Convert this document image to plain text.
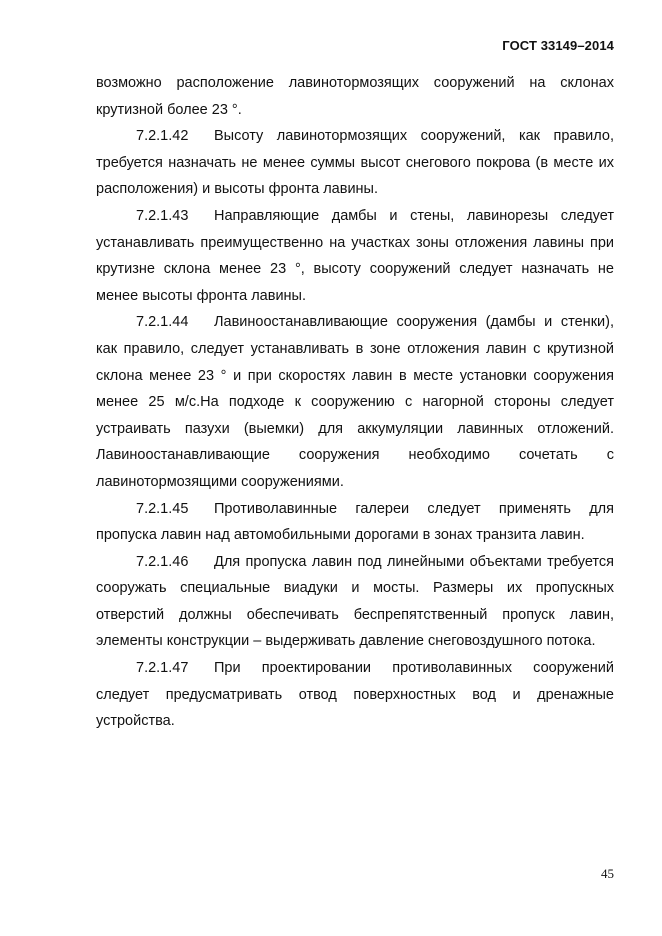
ГОСТ 33149–2014

возможно расположение лавинотормозящих сооружений на склонах крутизной более 23 °.

7.2.1.42 Высоту лавинотормозящих сооружений, как правило, требуется назначать не менее суммы высот снегового покрова (в месте их расположения) и высоты фронта лавины.

7.2.1.43 Направляющие дамбы и стены, лавинорезы следует устанавливать преимущественно на участках зоны отложения лавины при крутизне склона менее 23 °, высоту сооружений следует назначать не менее высоты фронта лавины.

7.2.1.44 Лавиноостанавливающие сооружения (дамбы и стенки), как правило, следует устанавливать в зоне отложения лавин с крутизной склона менее 23 ° и при скоростях лавин в месте установки сооружения менее 25 м/с.На подходе к сооружению с нагорной стороны следует устраивать пазухи (выемки) для аккумуляции лавинных отложений. Лавиноостанавливающие сооружения необходимо сочетать с лавинотормозящими сооружениями.

7.2.1.45 Противолавинные галереи следует применять для пропуска лавин над автомобильными дорогами в зонах транзита лавин.

7.2.1.46 Для пропуска лавин под линейными объектами требуется сооружать специальные виадуки и мосты. Размеры их пропускных отверстий должны обеспечивать беспрепятственный пропуск лавин, элементы конструкции – выдерживать давление снеговоздушного потока.

7.2.1.47 При проектировании противолавинных сооружений следует предусматривать отвод поверхностных вод и дренажные устройства.

45
